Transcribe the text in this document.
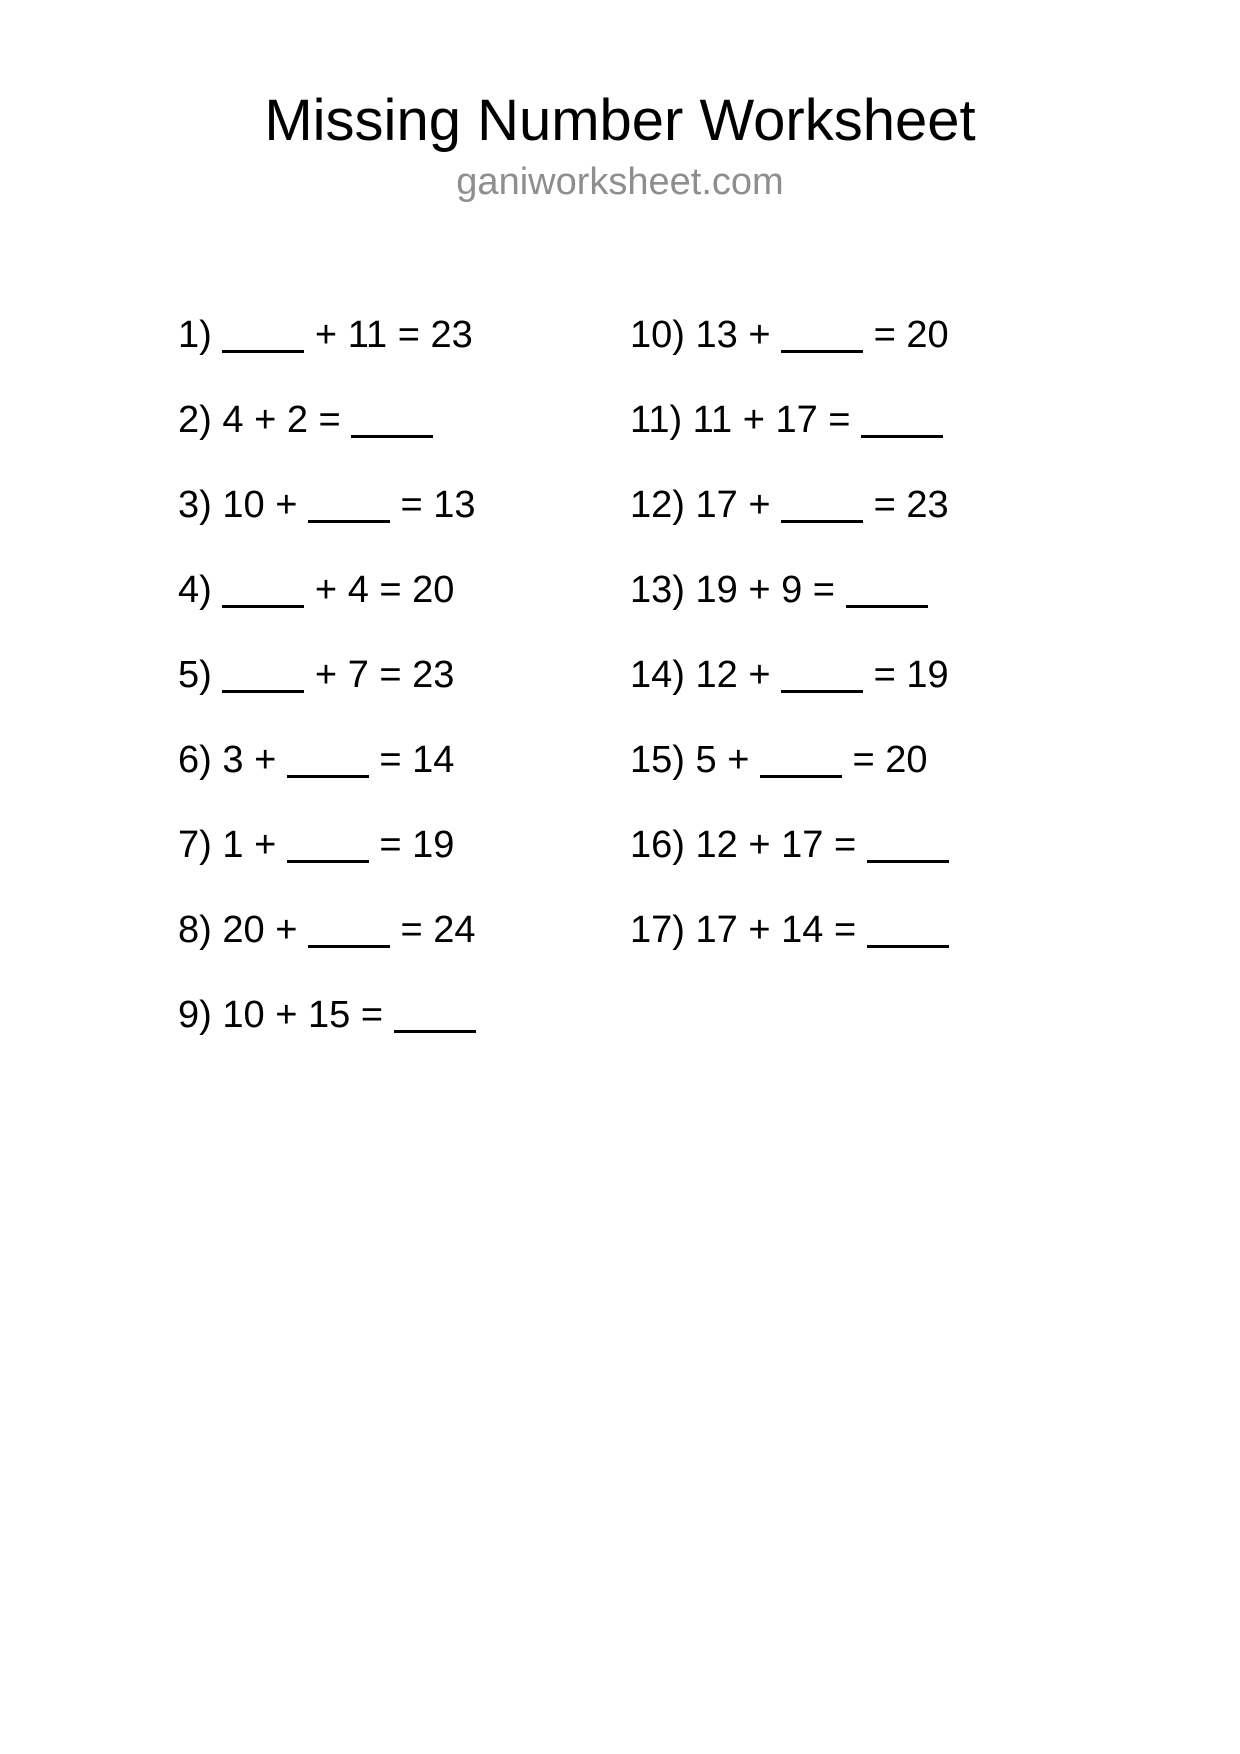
Missing Number Worksheet
ganiworksheet.com
1)	+ 11 = 23
2) 4 + 2 =
3) 10 +	= 13
4)	+ 4 = 20
5)	+ 7 = 23
6) 3 +	= 14
7) 1 +	= 19
8) 20 +	= 24
9) 10 + 15 =
10) 13 +	= 20
11) 11 + 17 =
12) 17 +	= 23
13) 19 + 9 =
14) 12 +	= 19
15) 5 +	= 20
16) 12 + 17 =
17) 17 + 14 =
